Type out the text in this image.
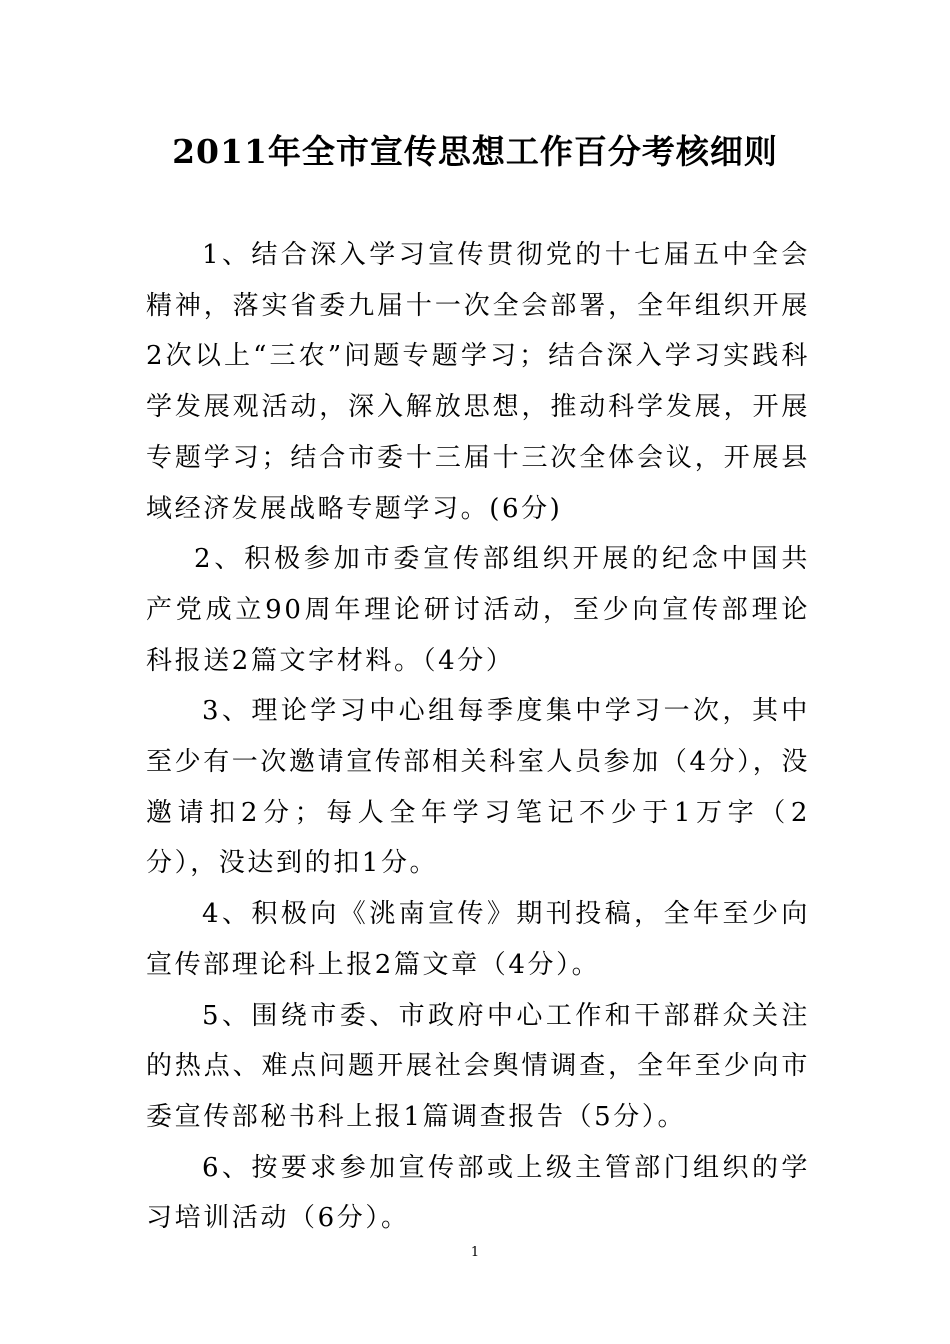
2011年全市宣传思想工作百分考核细则

1、结合深入学习宣传贯彻党的十七届五中全会精神，落实省委九届十一次全会部署，全年组织开展2次以上“三农”问题专题学习；结合深入学习实践科学发展观活动，深入解放思想，推动科学发展，开展专题学习；结合市委十三届十三次全体会议，开展县域经济发展战略专题学习。(6分)

2、积极参加市委宣传部组织开展的纪念中国共产党成立90周年理论研讨活动，至少向宣传部理论科报送2篇文字材料。（4分）

3、理论学习中心组每季度集中学习一次，其中至少有一次邀请宣传部相关科室人员参加（4分），没邀请扣2分；每人全年学习笔记不少于1万字（2分），没达到的扣1分。

4、积极向《洮南宣传》期刊投稿，全年至少向宣传部理论科上报2篇文章（4分）。

5、围绕市委、市政府中心工作和干部群众关注的热点、难点问题开展社会舆情调查，全年至少向市委宣传部秘书科上报1篇调查报告（5分）。

6、按要求参加宣传部或上级主管部门组织的学习培训活动（6分）。

1
